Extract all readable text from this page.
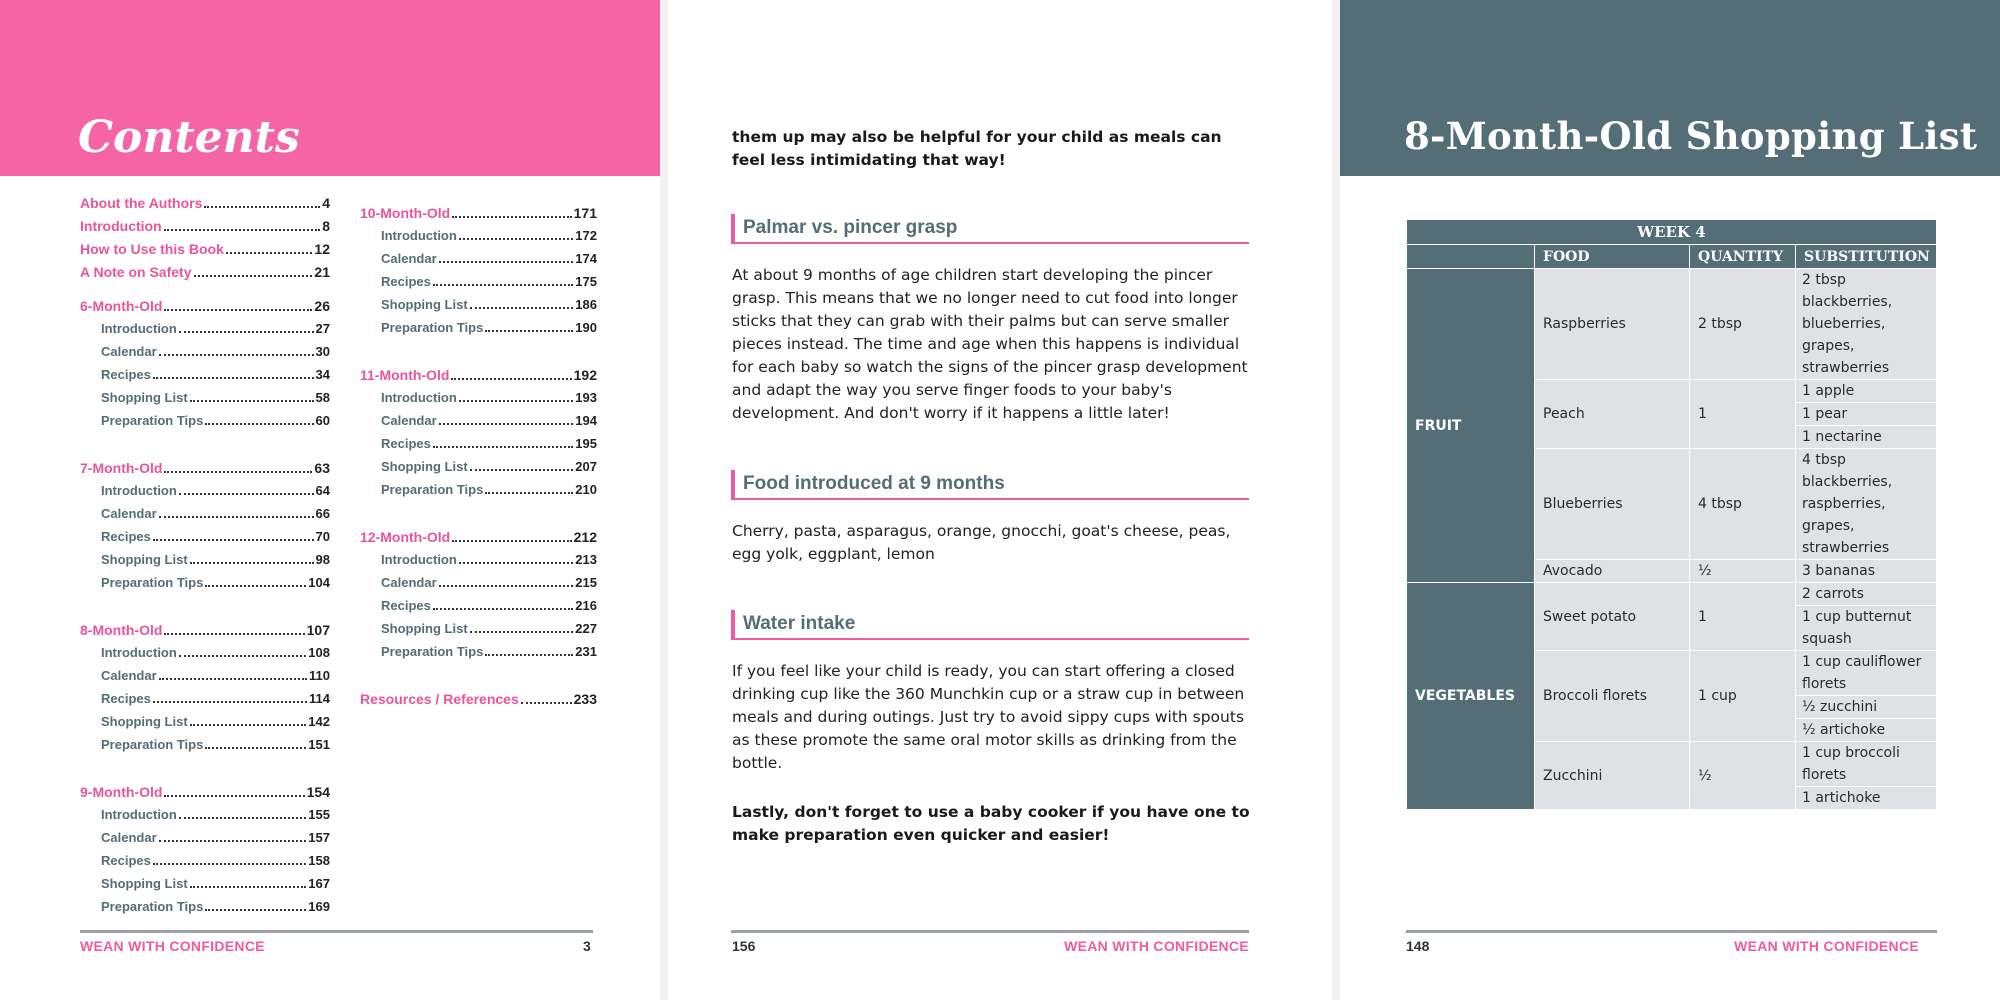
Contents
About the Authors	4
Introduction	8
How to Use this Book	12
A Note on Safety	21
6-Month-Old	26
Introduction	27
Calendar	30
Recipes	34
Shopping List	58
Preparation Tips	60
7-Month-Old	63
Introduction	64
Calendar	66
Recipes	70
Shopping List	98
Preparation Tips	104
8-Month-Old	107
Introduction	108
Calendar	110
Recipes	114
Shopping List	142
Preparation Tips	151
9-Month-Old	154
Introduction	155
Calendar	157
Recipes	158
Shopping List	167
Preparation Tips	169
10-Month-Old	171
Introduction	172
Calendar	174
Recipes	175
Shopping List	186
Preparation Tips	190
11-Month-Old	192
Introduction	193
Calendar	194
Recipes	195
Shopping List	207
Preparation Tips	210
12-Month-Old	212
Introduction	213
Calendar	215
Recipes	216
Shopping List	227
Preparation Tips	231
Resources / References	233
WEAN WITH CONFIDENCE	3
them up may also be helpful for your child as meals can feel less intimidating that way!
Palmar vs. pincer grasp
At about 9 months of age children start developing the pincer grasp. This means that we no longer need to cut food into longer sticks that they can grab with their palms but can serve smaller pieces instead. The time and age when this happens is individual for each baby so watch the signs of the pincer grasp development and adapt the way you serve finger foods to your baby's development. And don't worry if it happens a little later!
Food introduced at 9 months
Cherry, pasta, asparagus, orange, gnocchi, goat's cheese, peas, egg yolk, eggplant, lemon
Water intake
If you feel like your child is ready, you can start offering a closed drinking cup like the 360 Munchkin cup or a straw cup in between meals and during outings. Just try to avoid sippy cups with spouts as these promote the same oral motor skills as drinking from the bottle.
Lastly, don't forget to use a baby cooker if you have one to make preparation even quicker and easier!
156	WEAN WITH CONFIDENCE
8-Month-Old Shopping List
WEEK 4			
	FOOD	QUANTITY	SUBSTITUTION
FRUIT	Raspberries	2 tbsp	2 tbsp blackberries, blueberries, grapes, strawberries
	Peach	1	1 apple
			1 pear
			1 nectarine
	Blueberries	4 tbsp	4 tbsp blackberries, raspberries, grapes, strawberries
	Avocado	½	3 bananas
VEGETABLES	Sweet potato	1	2 carrots
			1 cup butternut squash
	Broccoli florets	1 cup	1 cup cauliflower florets
			½ zucchini
			½ artichoke
	Zucchini	½	1 cup broccoli florets
			1 artichoke
148	WEAN WITH CONFIDENCE
